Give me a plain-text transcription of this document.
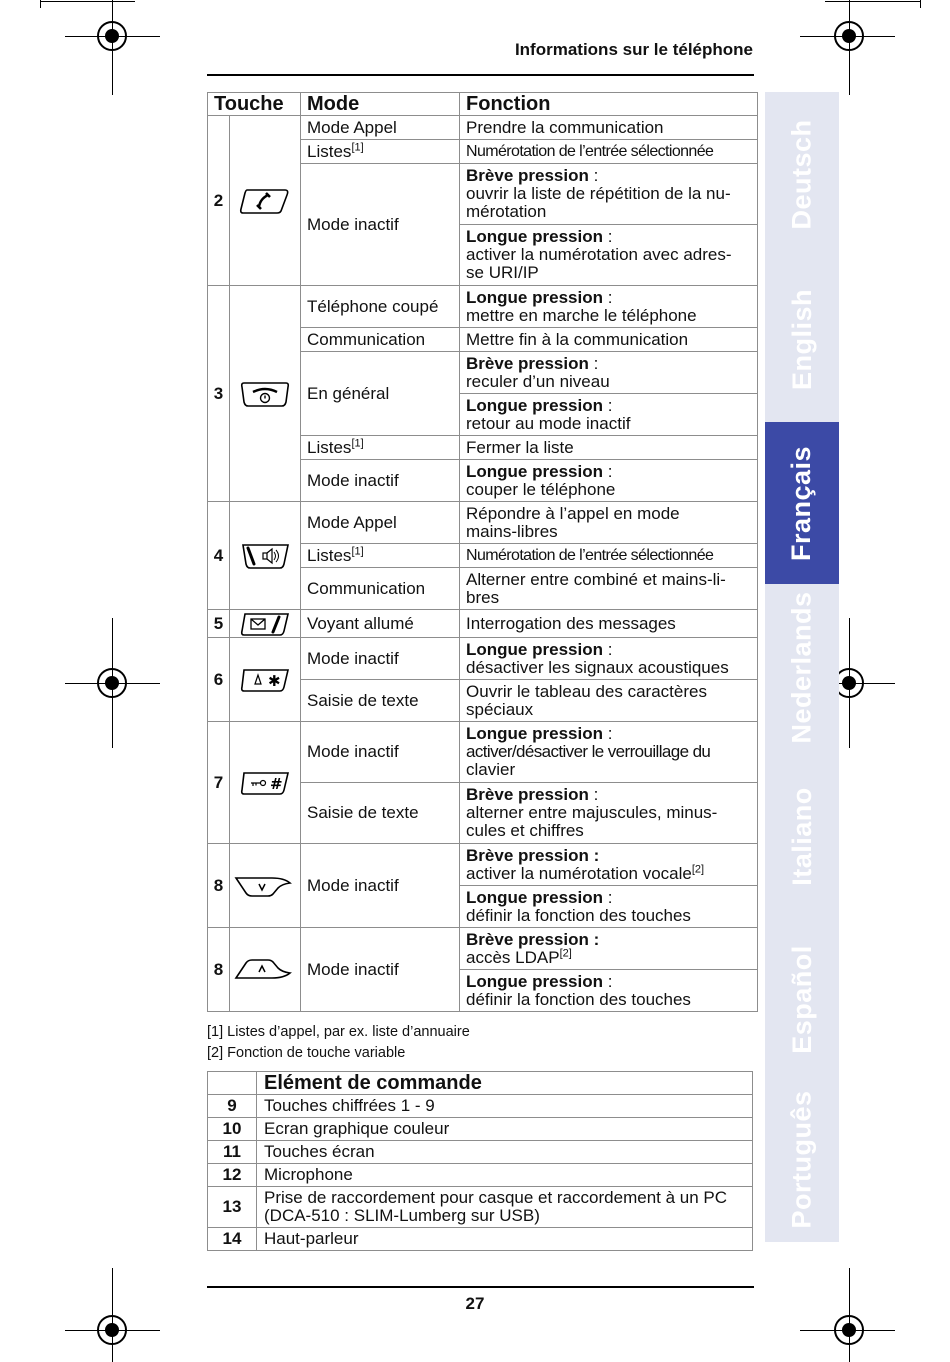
Informations sur le téléphone
Deutsch
English
Français
Nederlands
Italiano
Español
Português
Touche		Mode	Fonction
2		Mode Appel	Prendre la communication

		Listes[1]	Numérotation de l’entrée sélectionnée

		Mode inactif	Brève pression :
ouvrir la liste de répétition de la nu-
mérotation

			Longue pression :
activer la numérotation avec adres-
se URI/IP

3		Téléphone coupé	Longue pression :
mettre en marche le téléphone

		Communication	Mettre fin à la communication

		En général	Brève pression :
reculer d’un niveau

			Longue pression :
retour au mode inactif

		Listes[1]	Fermer la liste

		Mode inactif	Longue pression :
couper le téléphone

4		Mode Appel	Répondre à l’appel en mode
mains-libres

		Listes[1]	Numérotation de l’entrée sélectionnée

		Communication	Alterner entre combiné et mains-li-
bres

5		Voyant allumé	Interrogation des messages

6	✱	Mode inactif	Longue pression :
désactiver les signaux acoustiques

		Saisie de texte	Ouvrir le tableau des caractères
spéciaux

7	#	Mode inactif	Longue pression :
activer/désactiver le verrouillage du
clavier

		Saisie de texte	Brève pression :
alterner entre majuscules, minus-
cules et chiffres

8		Mode inactif	Brève pression :
activer la numérotation vocale[2]

			Longue pression :
définir la fonction des touches

8		Mode inactif	Brève pression :
accès LDAP[2]

			Longue pression :
définir la fonction des touches
[1] Listes d’appel, par ex. liste d’annuaire
[2] Fonction de touche variable
	Elément de commande
9	Touches chiffrées 1 - 9
10	Ecran graphique couleur
11	Touches écran
12	Microphone
13	Prise de raccordement pour casque et raccordement à un PC (DCA-510 : SLIM-Lumberg sur USB)
14	Haut-parleur
27
